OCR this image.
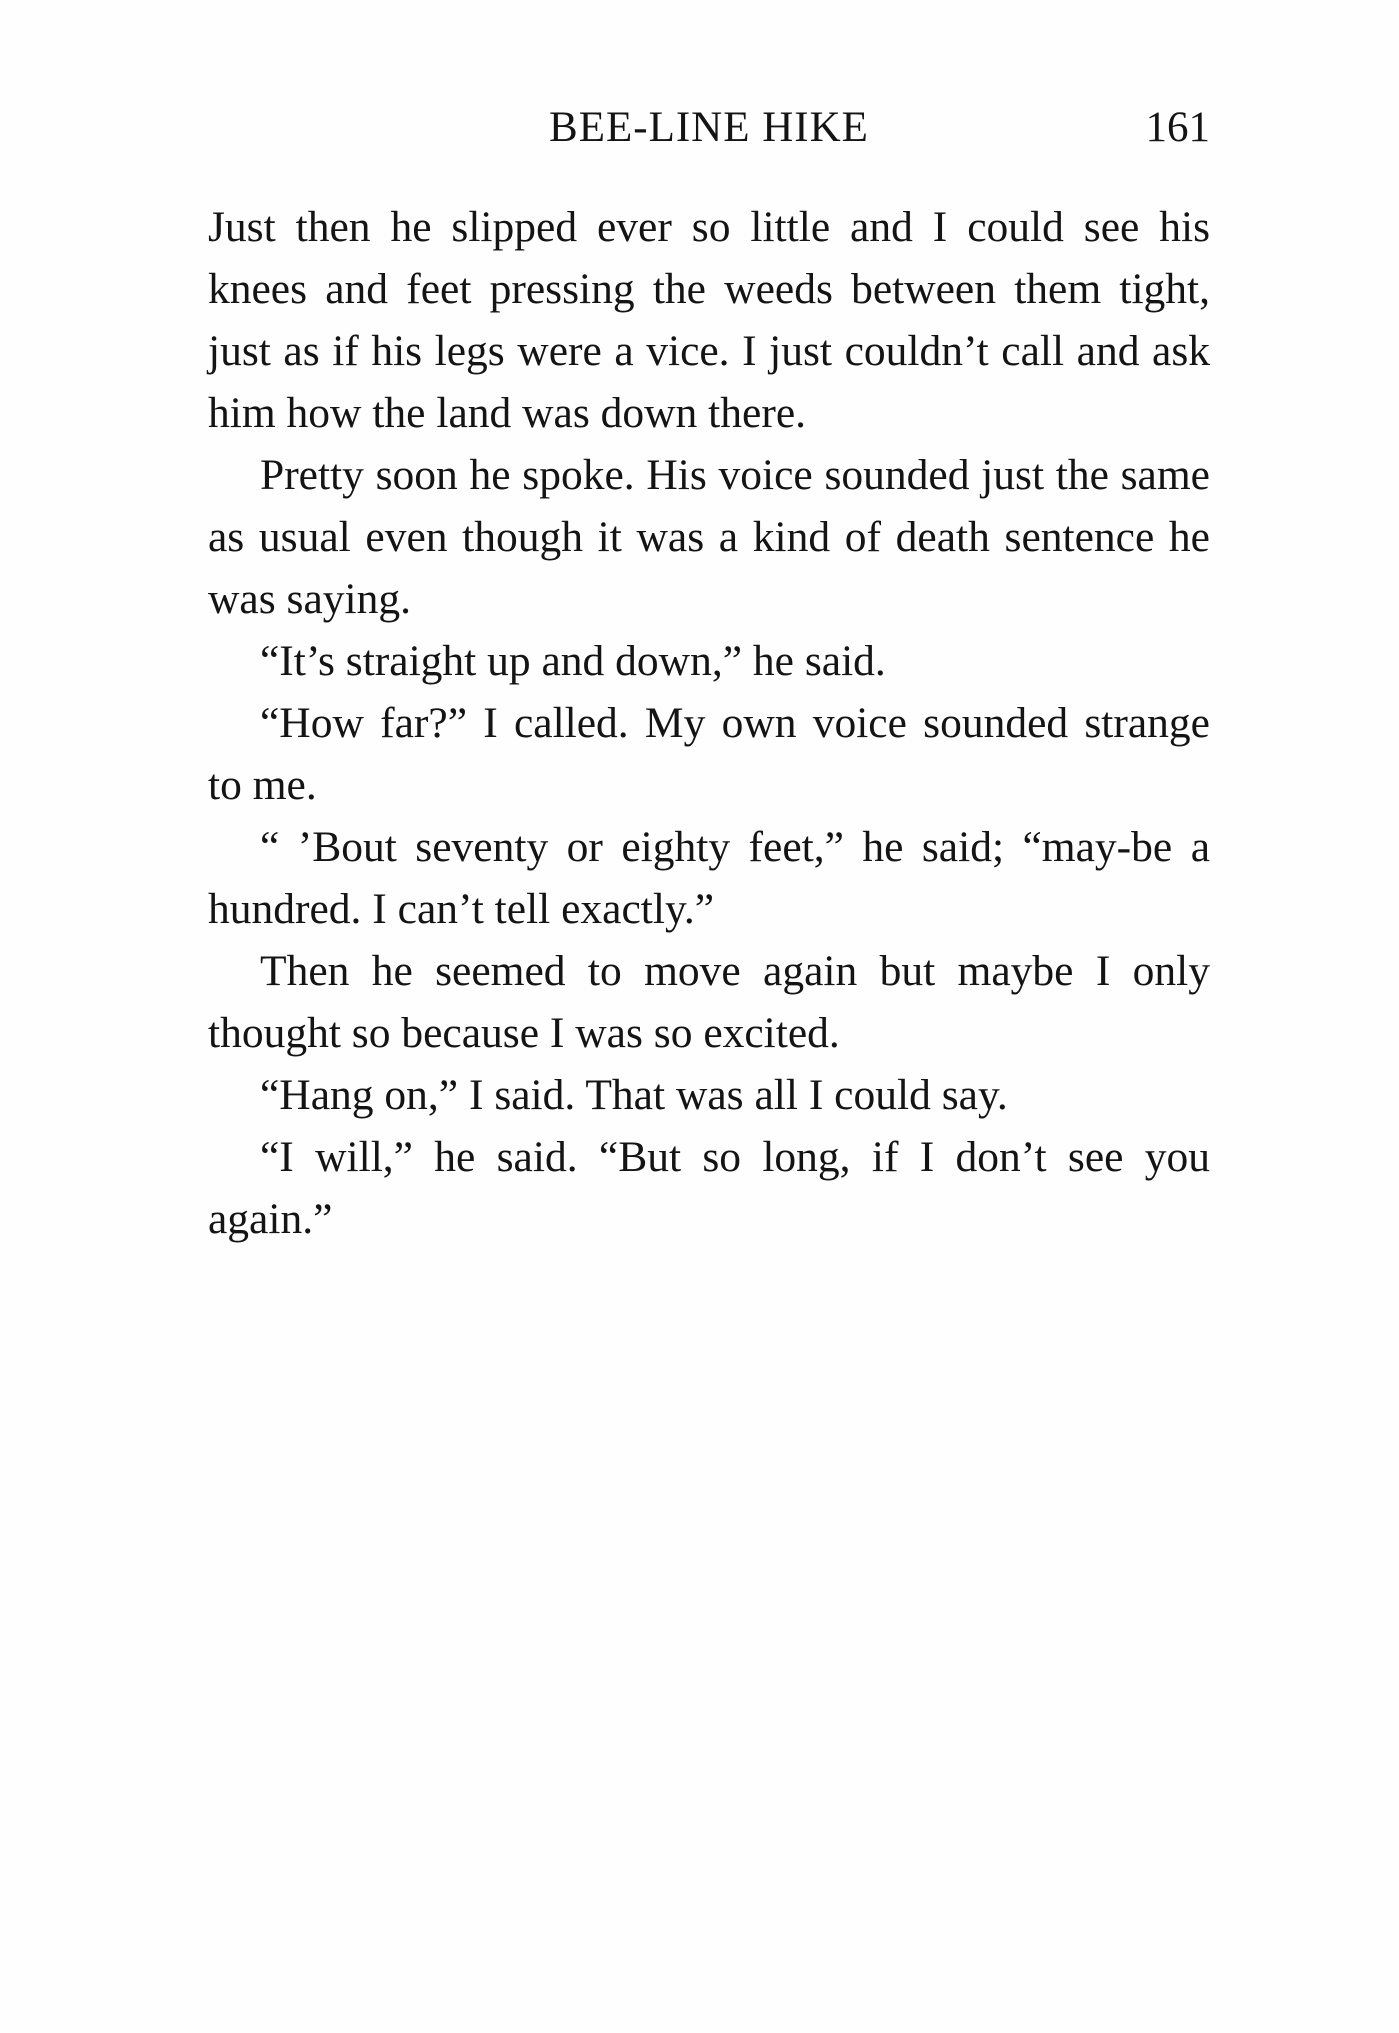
BEE-LINE HIKE	161

Just then he slipped ever so little and I could see his knees and feet pressing the weeds between them tight, just as if his legs were a vice. I just couldn’t call and ask him how the land was down there.

Pretty soon he spoke. His voice sounded just the same as usual even though it was a kind of death sentence he was saying.

“It’s straight up and down,” he said.

“How far?” I called. My own voice sounded strange to me.

“ ’Bout seventy or eighty feet,” he said; “may-be a hundred. I can’t tell exactly.”

Then he seemed to move again but maybe I only thought so because I was so excited.

“Hang on,” I said. That was all I could say.

“I will,” he said. “But so long, if I don’t see you again.”
